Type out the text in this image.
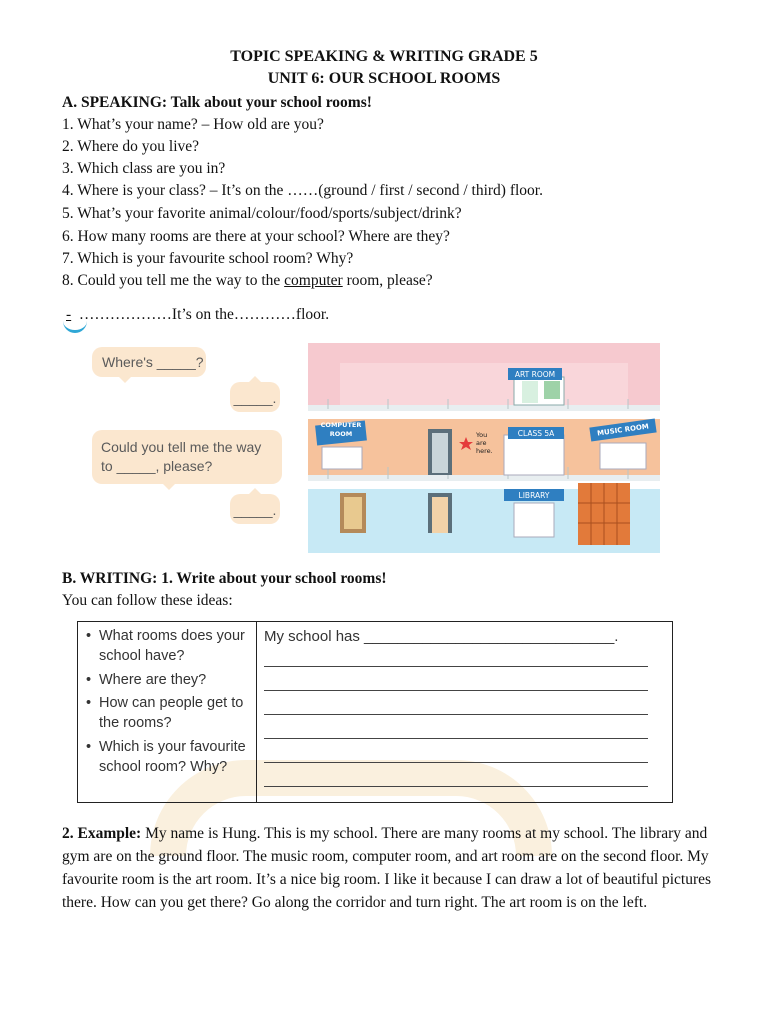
TOPIC SPEAKING & WRITING GRADE 5
UNIT 6: OUR SCHOOL ROOMS
A. SPEAKING: Talk about your school rooms!
1. What’s your name? – How old are you?
2. Where do you live?
3. Which class are you in?
4. Where is your class? – It’s on the ……(ground / first / second / third) floor.
5. What’s your favorite animal/colour/food/sports/subject/drink?
6. How many rooms are there at your school? Where are they?
7. Which is your favourite school room? Why?
8. Could you tell me the way to the computer room, please?
- ………………It’s on the…………floor.
Where's _____?
_____.
Could you tell me the way
to _____, please?
_____.
ART ROOM
COMPUTER
ROOM	CLASS 5A	MUSIC ROOM
LIBRARY
You
are
here.
B. WRITING: 1. Write about your school rooms!
You can follow these ideas:
• What rooms does your school have?
• Where are they?
• How can people get to the rooms?
• Which is your favourite school room? Why?
My school has ______________________________.
2. Example: My name is Hung. This is my school. There are many rooms at my school. The library and gym are on the ground floor. The music room, computer room, and art room are on the second floor. My favourite room is the art room. It’s a nice big room. I like it because I can draw a lot of beautiful pictures there. How can you get there? Go along the corridor and turn right. The art room is on the left.
